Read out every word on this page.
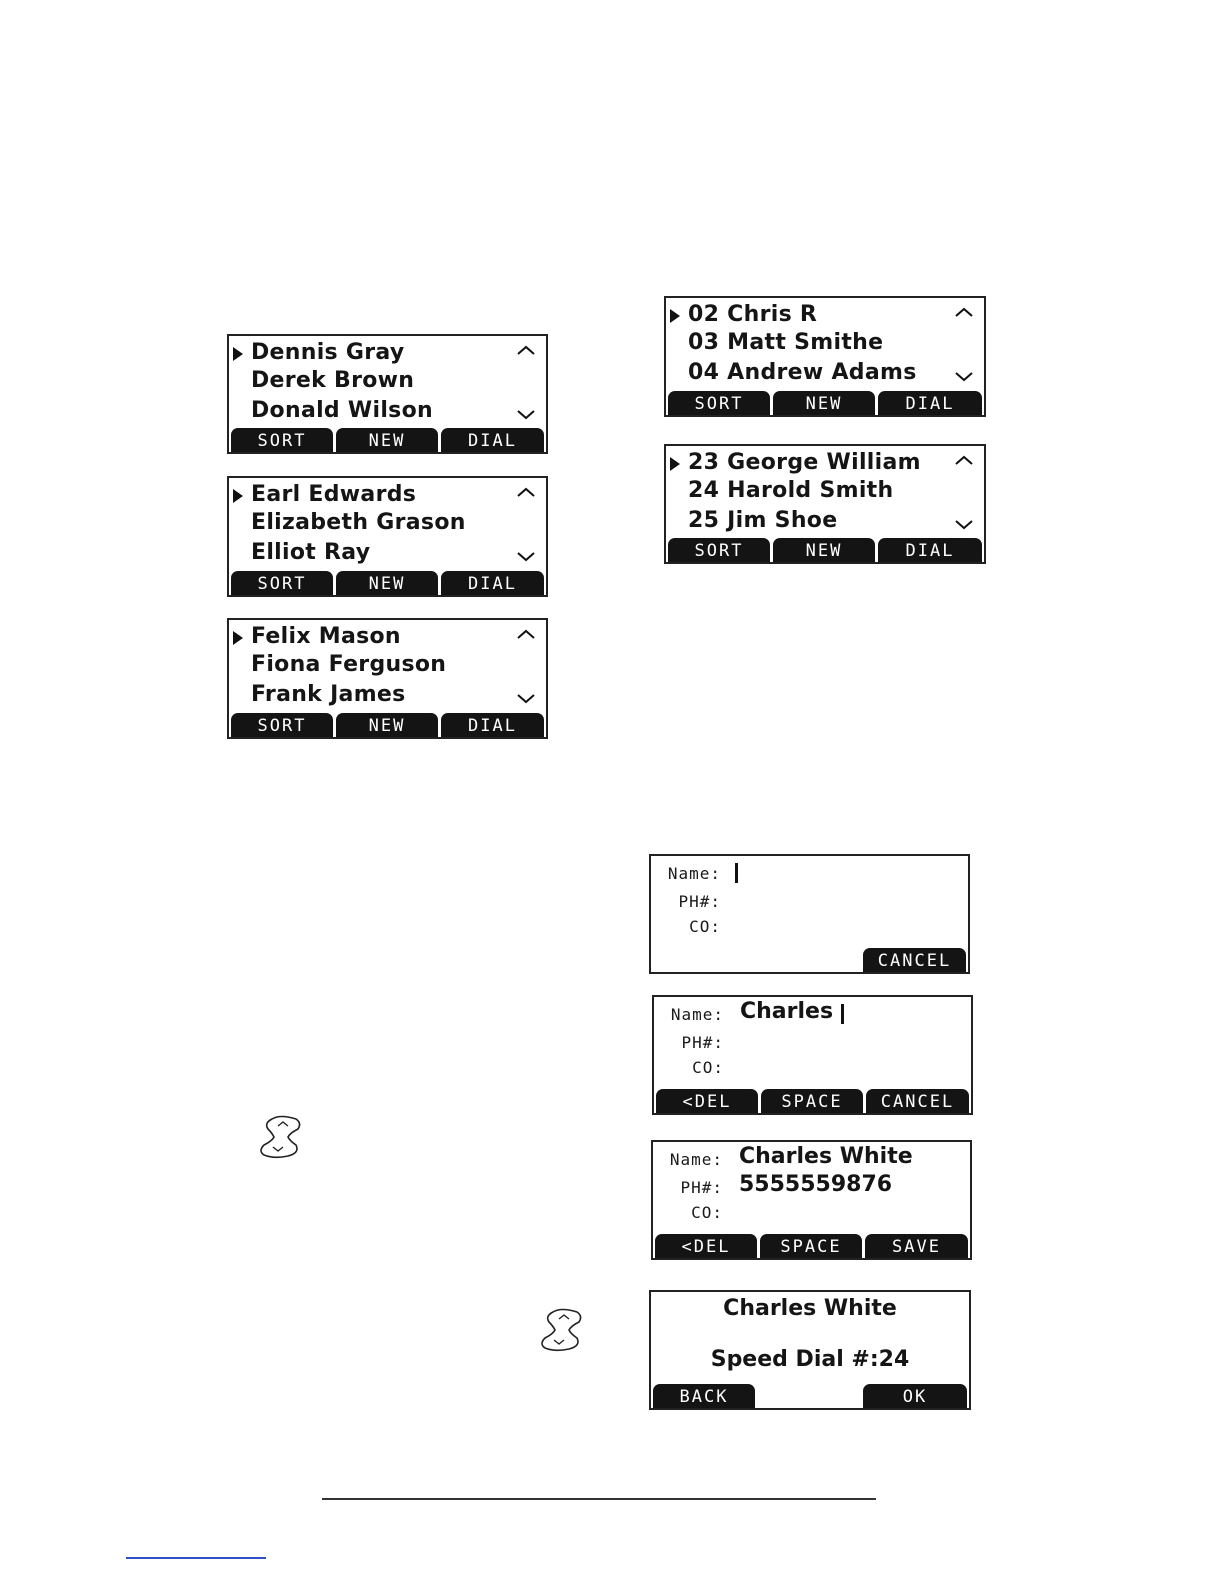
Dennis Gray
Derek Brown
Donald Wilson
SORT	NEW	DIAL
Earl Edwards
Elizabeth Grason
Elliot Ray
SORT	NEW	DIAL
Felix Mason
Fiona Ferguson
Frank James
SORT	NEW	DIAL
02 Chris R
03 Matt Smithe
04 Andrew Adams
SORT	NEW	DIAL
23 George William
24 Harold Smith
25 Jim Shoe
SORT	NEW	DIAL
Name:
PH#:
CO:
CANCEL
Name: Charles
PH#:
CO:
<DEL	SPACE	CANCEL
Name: Charles White
PH#: 5555559876
CO:
<DEL	SPACE	SAVE
Charles White
Speed Dial #:24
BACK	OK
